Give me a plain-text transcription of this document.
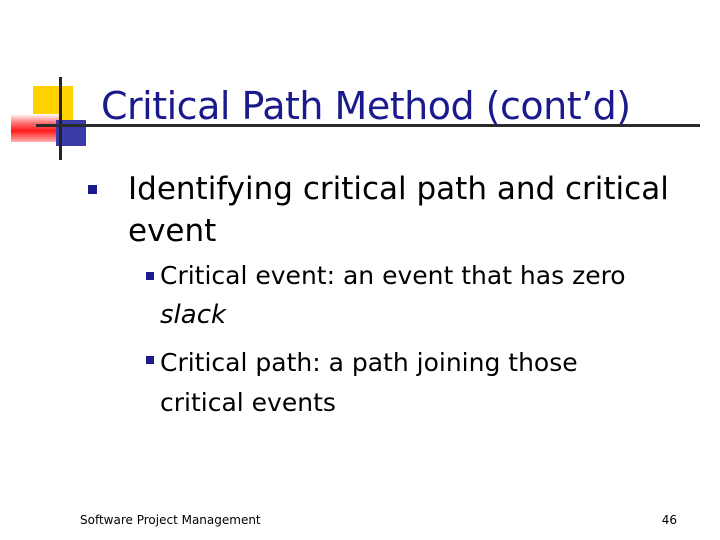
Critical Path Method (cont’d)
Identifying critical path and critical
event
Critical event: an event that has zero
slack
Critical path: a path joining those
critical events
Software Project Management	46
